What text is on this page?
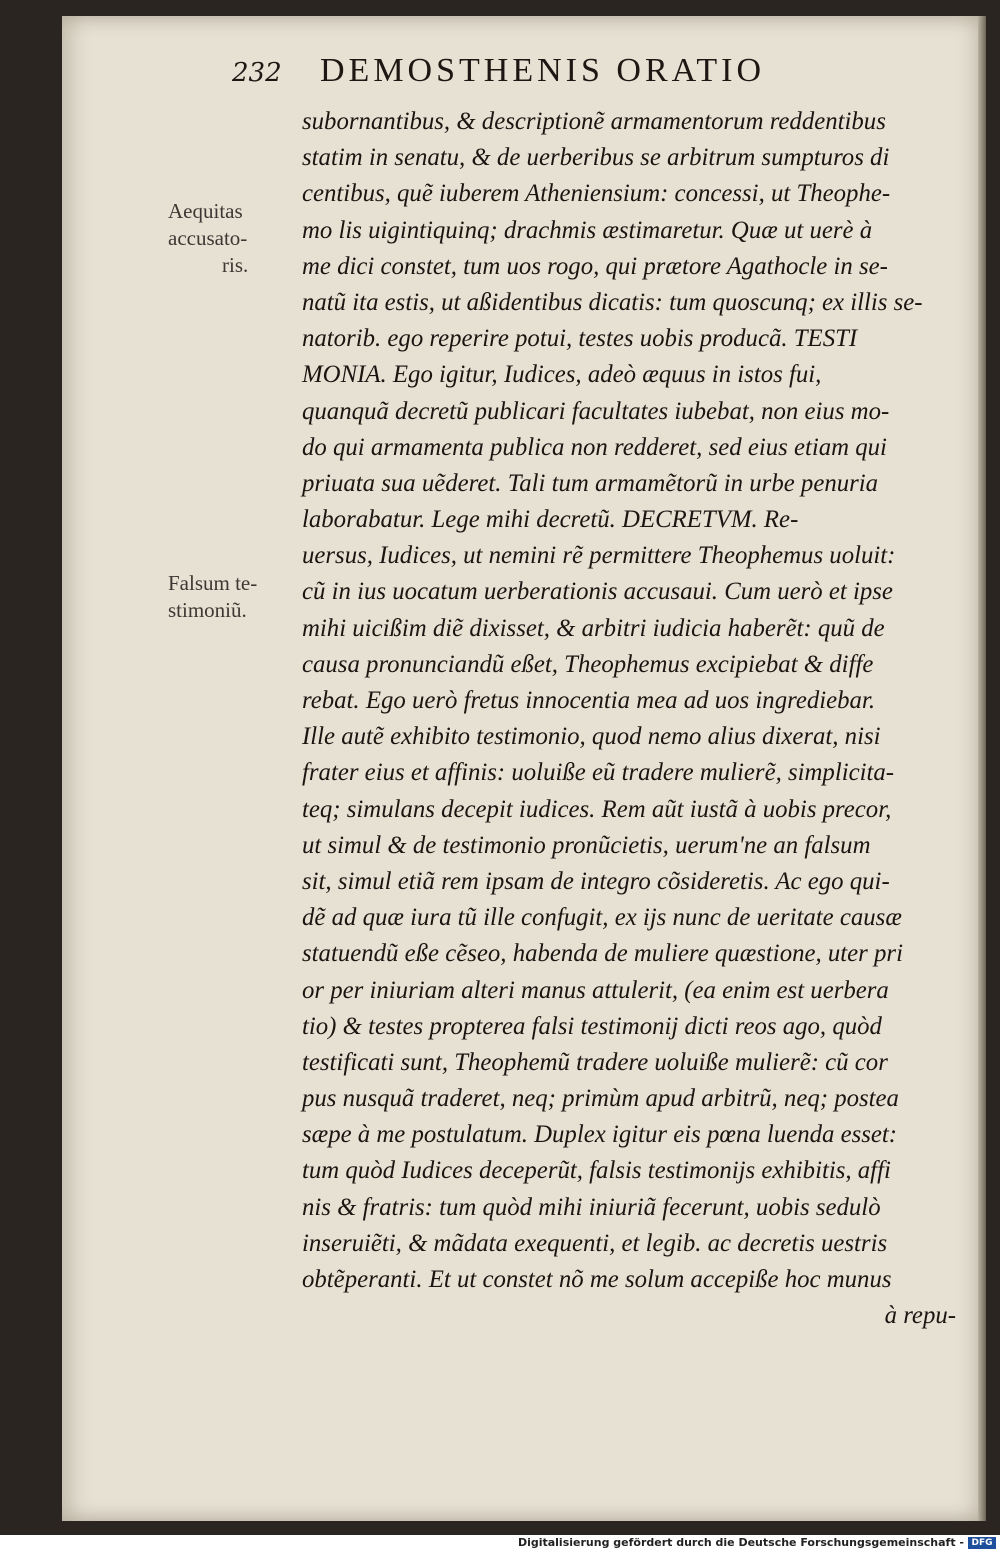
232 DEMOSTHENIS ORATIO
Aequitas
accusato-
ris.
Falsum te-
stimoniũ.
subornantibus, & descriptionẽ armamentorum reddentibus
statim in senatu, & de uerberibus se arbitrum sumpturos di
centibus, quẽ iuberem Atheniensium: concessi, ut Theophe-
mo lis uigintiquinq; drachmis æstimaretur. Quæ ut uerè à
me dici constet, tum uos rogo, qui prætore Agathocle in se-
natũ ita estis, ut aßidentibus dicatis: tum quoscunq; ex illis se-
natorib. ego reperire potui, testes uobis producã. TESTI
MONIA. Ego igitur, Iudices, adeò æquus in istos fui,
quanquã decretũ publicari facultates iubebat, non eius mo-
do qui armamenta publica non redderet, sed eius etiam qui
priuata sua uẽderet. Tali tum armamẽtorũ in urbe penuria
laborabatur. Lege mihi decretũ. DECRETVM. Re-
uersus, Iudices, ut nemini rẽ permittere Theophemus uoluit:
cũ in ius uocatum uerberationis accusaui. Cum uerò et ipse
mihi uicißim diẽ dixisset, & arbitri iudicia haberẽt: quũ de
causa pronunciandũ eßet, Theophemus excipiebat & diffe
rebat. Ego uerò fretus innocentia mea ad uos ingrediebar.
Ille autẽ exhibito testimonio, quod nemo alius dixerat, nisi
frater eius et affinis: uoluiße eũ tradere mulierẽ, simplicita-
teq; simulans decepit iudices. Rem aũt iustã à uobis precor,
ut simul & de testimonio pronũcietis, uerum'ne an falsum
sit, simul etiã rem ipsam de integro cõsideretis. Ac ego qui-
dẽ ad quæ iura tũ ille confugit, ex ijs nunc de ueritate causæ
statuendũ eße cẽseo, habenda de muliere quæstione, uter pri
or per iniuriam alteri manus attulerit, (ea enim est uerbera
tio) & testes propterea falsi testimonij dicti reos ago, quòd
testificati sunt, Theophemũ tradere uoluiße mulierẽ: cũ cor
pus nusquã traderet, neq; primùm apud arbitrũ, neq; postea
sæpe à me postulatum. Duplex igitur eis pœna luenda esset:
tum quòd Iudices deceperũt, falsis testimonijs exhibitis, affi
nis & fratris: tum quòd mihi iniuriã fecerunt, uobis sedulò
inseruiẽti, & mãdata exequenti, et legib. ac decretis uestris
obtẽperanti. Et ut constet nõ me solum accepiße hoc munus
à repu-
Digitalisierung gefördert durch die Deutsche Forschungsgemeinschaft - DFG
